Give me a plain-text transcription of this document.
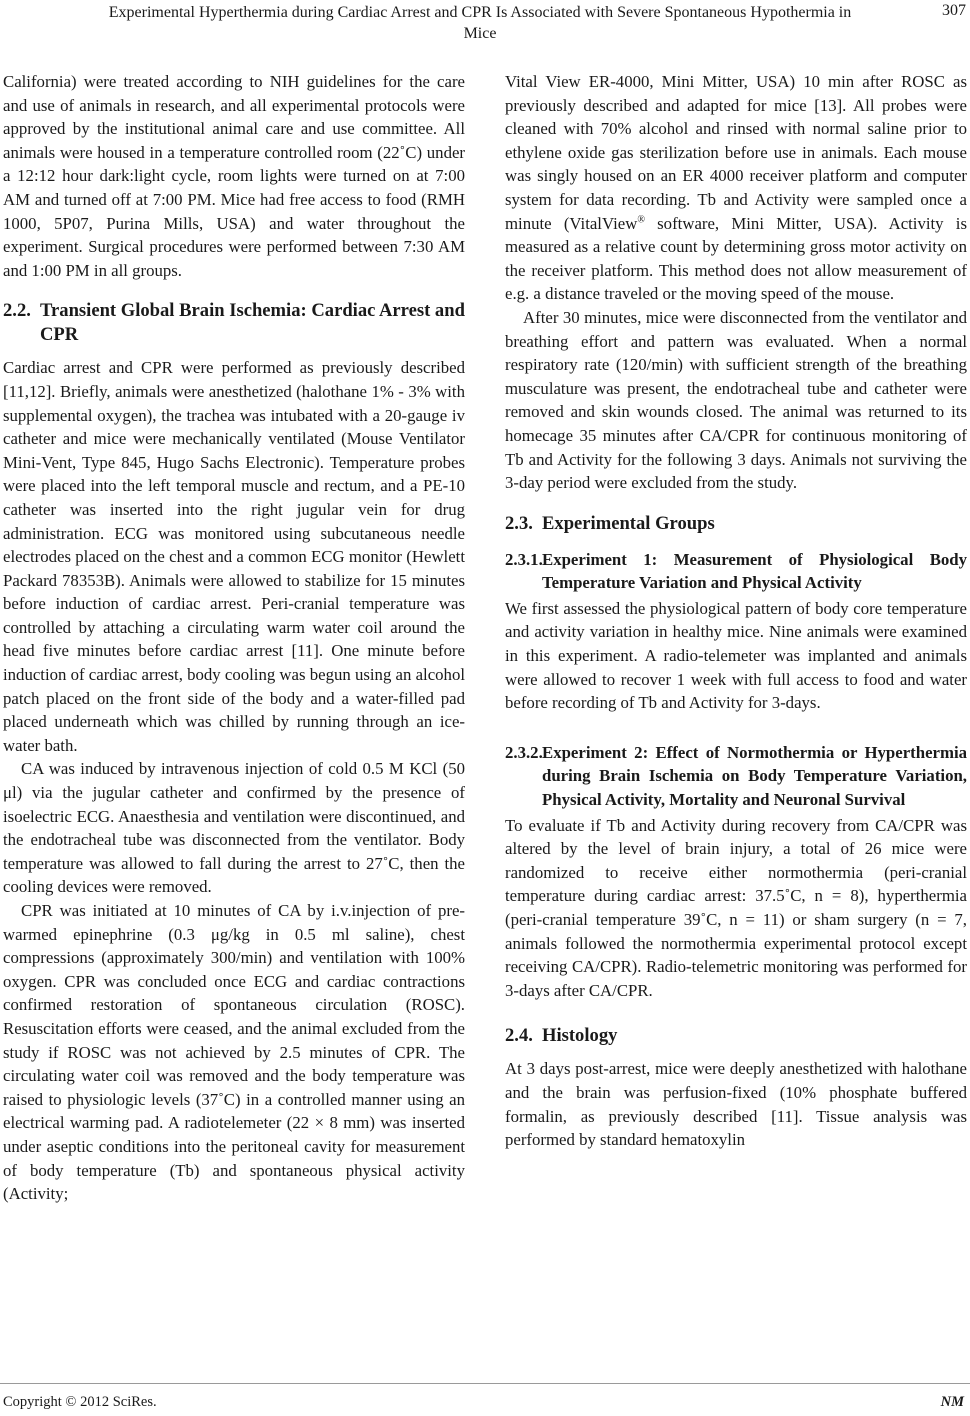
Experimental Hyperthermia during Cardiac Arrest and CPR Is Associated with Severe Spontaneous Hypothermia in Mice
307

California) were treated according to NIH guidelines for the care and use of animals in research, and all experimental protocols were approved by the institutional animal care and use committee. All animals were housed in a temperature controlled room (22˚C) under a 12:12 hour dark:light cycle, room lights were turned on at 7:00 AM and turned off at 7:00 PM. Mice had free access to food (RMH 1000, 5P07, Purina Mills, USA) and water throughout the experiment. Surgical procedures were performed between 7:30 AM and 1:00 PM in all groups.

2.2. Transient Global Brain Ischemia: Cardiac Arrest and CPR

Cardiac arrest and CPR were performed as previously described [11,12]. Briefly, animals were anesthetized (halothane 1% - 3% with supplemental oxygen), the trachea was intubated with a 20-gauge iv catheter and mice were mechanically ventilated (Mouse Ventilator Mini-Vent, Type 845, Hugo Sachs Electronic). Temperature probes were placed into the left temporal muscle and rectum, and a PE-10 catheter was inserted into the right jugular vein for drug administration. ECG was monitored using subcutaneous needle electrodes placed on the chest and a common ECG monitor (Hewlett Packard 78353B). Animals were allowed to stabilize for 15 minutes before induction of cardiac arrest. Peri-cranial temperature was controlled by attaching a circulating warm water coil around the head five minutes before cardiac arrest [11]. One minute before induction of cardiac arrest, body cooling was begun using an alcohol patch placed on the front side of the body and a water-filled pad placed underneath which was chilled by running through an ice-water bath.

CA was induced by intravenous injection of cold 0.5 M KCl (50 μl) via the jugular catheter and confirmed by the presence of isoelectric ECG. Anaesthesia and ventilation were discontinued, and the endotracheal tube was disconnected from the ventilator. Body temperature was allowed to fall during the arrest to 27˚C, then the cooling devices were removed.

CPR was initiated at 10 minutes of CA by i.v.injection of pre-warmed epinephrine (0.3 μg/kg in 0.5 ml saline), chest compressions (approximately 300/min) and ventilation with 100% oxygen. CPR was concluded once ECG and cardiac contractions confirmed restoration of spontaneous circulation (ROSC). Resuscitation efforts were ceased, and the animal excluded from the study if ROSC was not achieved by 2.5 minutes of CPR. The circulating water coil was removed and the body temperature was raised to physiologic levels (37˚C) in a controlled manner using an electrical warming pad. A radiotelemeter (22 × 8 mm) was inserted under aseptic conditions into the peritoneal cavity for measurement of body temperature (Tb) and spontaneous physical activity (Activity;

Vital View ER-4000, Mini Mitter, USA) 10 min after ROSC as previously described and adapted for mice [13]. All probes were cleaned with 70% alcohol and rinsed with normal saline prior to ethylene oxide gas sterilization before use in animals. Each mouse was singly housed on an ER 4000 receiver platform and computer system for data recording. Tb and Activity were sampled once a minute (VitalView® software, Mini Mitter, USA). Activity is measured as a relative count by determining gross motor activity on the receiver platform. This method does not allow measurement of e.g. a distance traveled or the moving speed of the mouse.

After 30 minutes, mice were disconnected from the ventilator and breathing effort and pattern was evaluated. When a normal respiratory rate (120/min) with sufficient strength of the breathing musculature was present, the endotracheal tube and catheter were removed and skin wounds closed. The animal was returned to its homecage 35 minutes after CA/CPR for continuous monitoring of Tb and Activity for the following 3 days. Animals not surviving the 3-day period were excluded from the study.

2.3. Experimental Groups
2.3.1.Experiment 1: Measurement of Physiological Body Temperature Variation and Physical Activity

We first assessed the physiological pattern of body core temperature and activity variation in healthy mice. Nine animals were examined in this experiment. A radio-telemeter was implanted and animals were allowed to recover 1 week with full access to food and water before recording of Tb and Activity for 3-days.

2.3.2.Experiment 2: Effect of Normothermia or Hyperthermia during Brain Ischemia on Body Temperature Variation, Physical Activity, Mortality and Neuronal Survival

To evaluate if Tb and Activity during recovery from CA/CPR was altered by the level of brain injury, a total of 26 mice were randomized to receive either normothermia (peri-cranial temperature during cardiac arrest: 37.5˚C, n = 8), hyperthermia (peri-cranial temperature 39˚C, n = 11) or sham surgery (n = 7, animals followed the normothermia experimental protocol except receiving CA/CPR). Radio-telemetric monitoring was performed for 3-days after CA/CPR.

2.4. Histology

At 3 days post-arrest, mice were deeply anesthetized with halothane and the brain was perfusion-fixed (10% phosphate buffered formalin, as previously described [11]. Tissue analysis was performed by standard hematoxylin

Copyright © 2012 SciRes.	NM
